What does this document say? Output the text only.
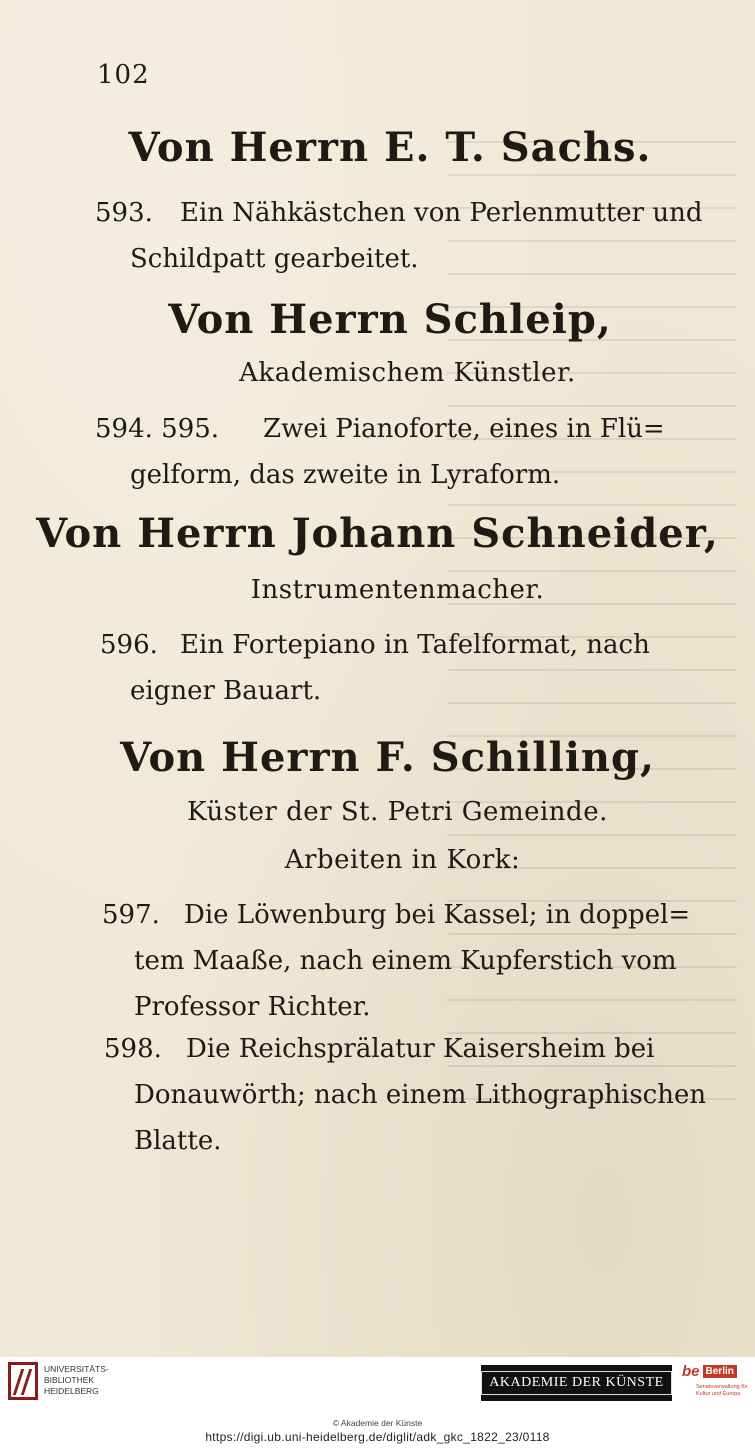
102
Von Herrn E. T. Sachs.
593. Ein Nähkästchen von Perlenmutter und
Schildpatt gearbeitet.
Von Herrn Schleip,
Akademischem Künstler.
594. 595. Zwei Pianoforte, eines in Flü=
gelform, das zweite in Lyraform.
Von Herrn Johann Schneider,
Instrumentenmacher.
596. Ein Fortepiano in Tafelformat, nach
eigner Bauart.
Von Herrn F. Schilling,
Küster der St. Petri Gemeinde.
Arbeiten in Kork:
597. Die Löwenburg bei Kassel; in doppel=
tem Maaße, nach einem Kupferstich vom
Professor Richter.
598. Die Reichsprälatur Kaisersheim bei
Donauwörth; nach einem Lithographischen
Blatte.
UNIVERSITÄTS-
BIBLIOTHEK
HEIDELBERG
AKADEMIE DER KÜNSTE
be Berlin
Senatsverwaltung für Kultur und Europa
© Akademie der Künste
https://digi.ub.uni-heidelberg.de/diglit/adk_gkc_1822_23/0118
